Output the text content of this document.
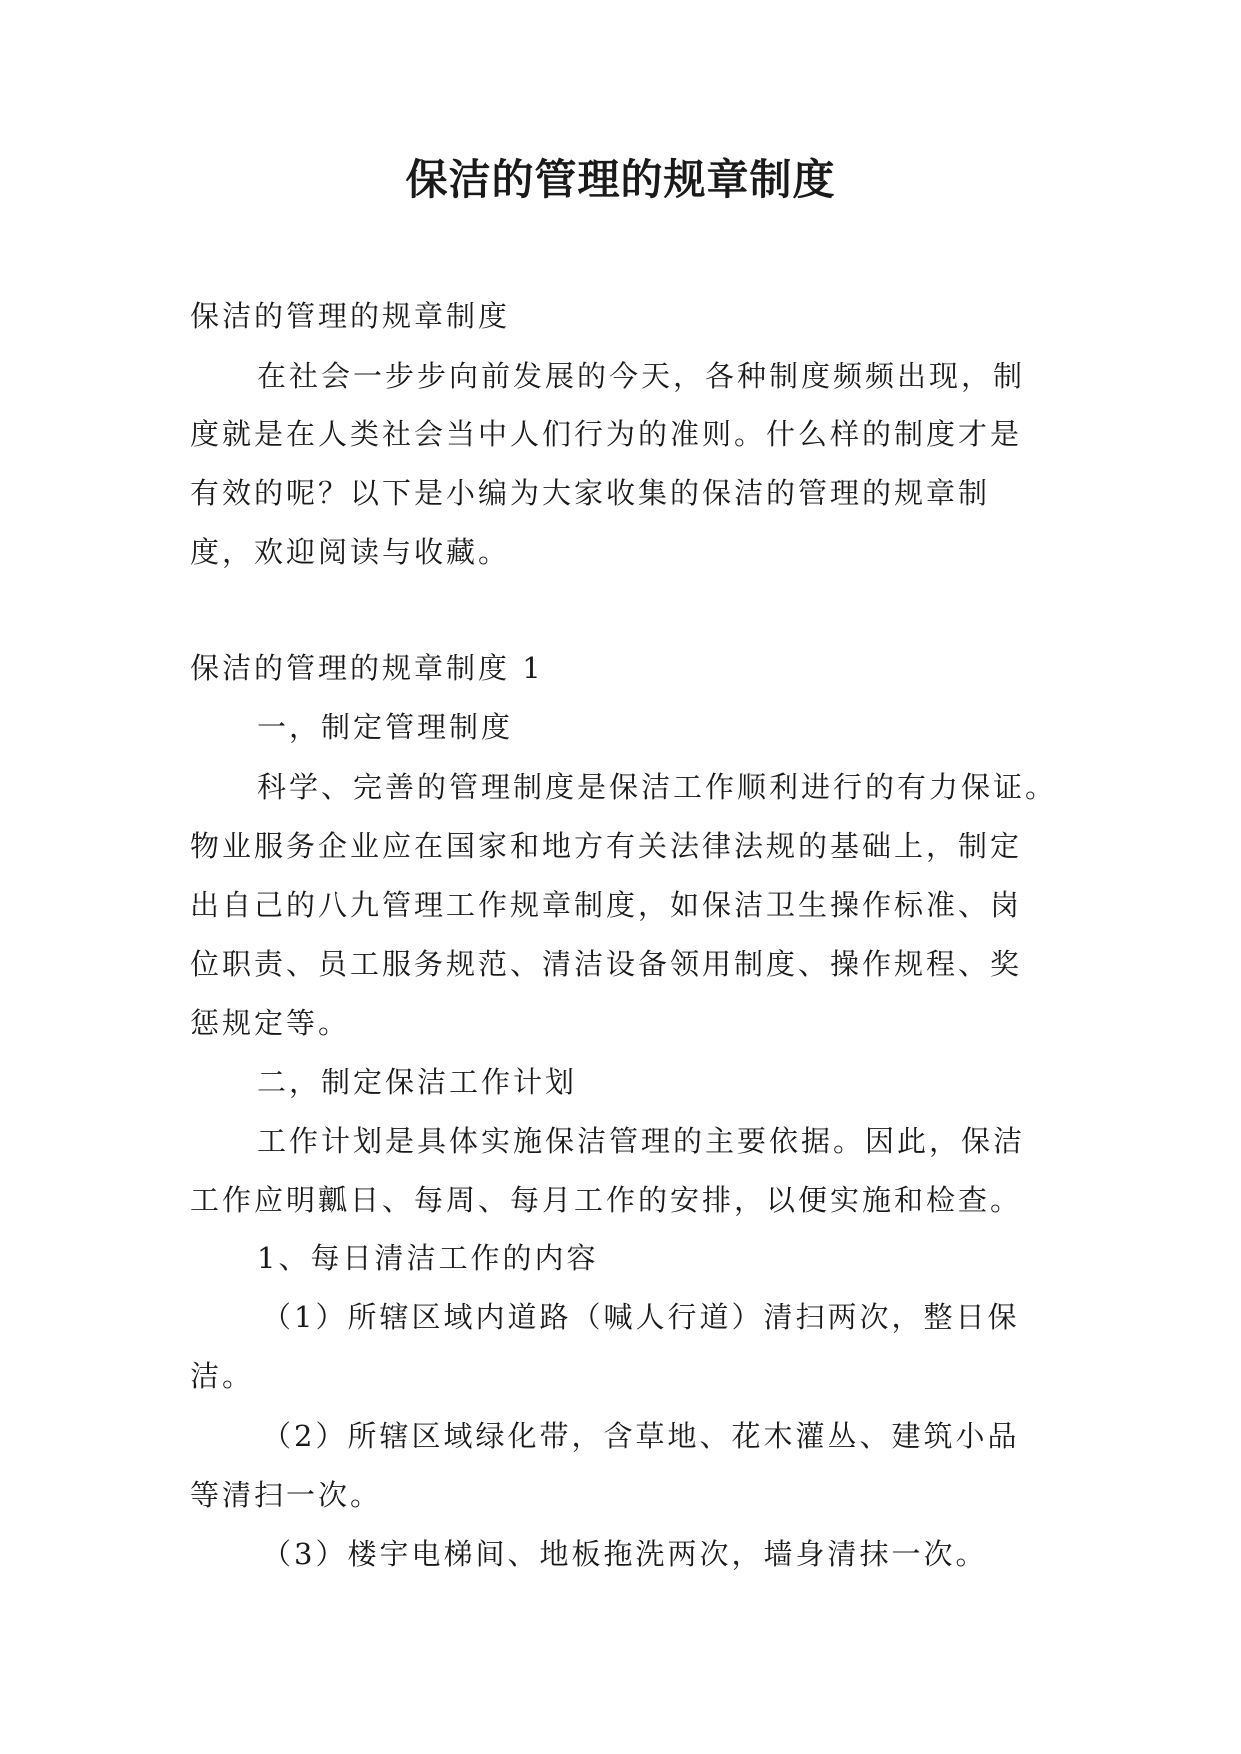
保洁的管理的规章制度
保洁的管理的规章制度
在社会一步步向前发展的今天，各种制度频频出现，制
度就是在人类社会当中人们行为的准则。什么样的制度才是
有效的呢？以下是小编为大家收集的保洁的管理的规章制
度，欢迎阅读与收藏。
保洁的管理的规章制度 1
一，制定管理制度
科学、完善的管理制度是保洁工作顺利进行的有力保证。
物业服务企业应在国家和地方有关法律法规的基础上，制定
出自己的八九管理工作规章制度，如保洁卫生操作标准、岗
位职责、员工服务规范、清洁设备领用制度、操作规程、奖
惩规定等。
二，制定保洁工作计划
工作计划是具体实施保洁管理的主要依据。因此，保洁
工作应明瓤日、每周、每月工作的安排，以便实施和检查。
1、每日清洁工作的内容
（1）所辖区域内道路（喊人行道）清扫两次，整日保
洁。
（2）所辖区域绿化带，含草地、花木灌丛、建筑小品
等清扫一次。
（3）楼宇电梯间、地板拖洗两次，墙身清抹一次。
